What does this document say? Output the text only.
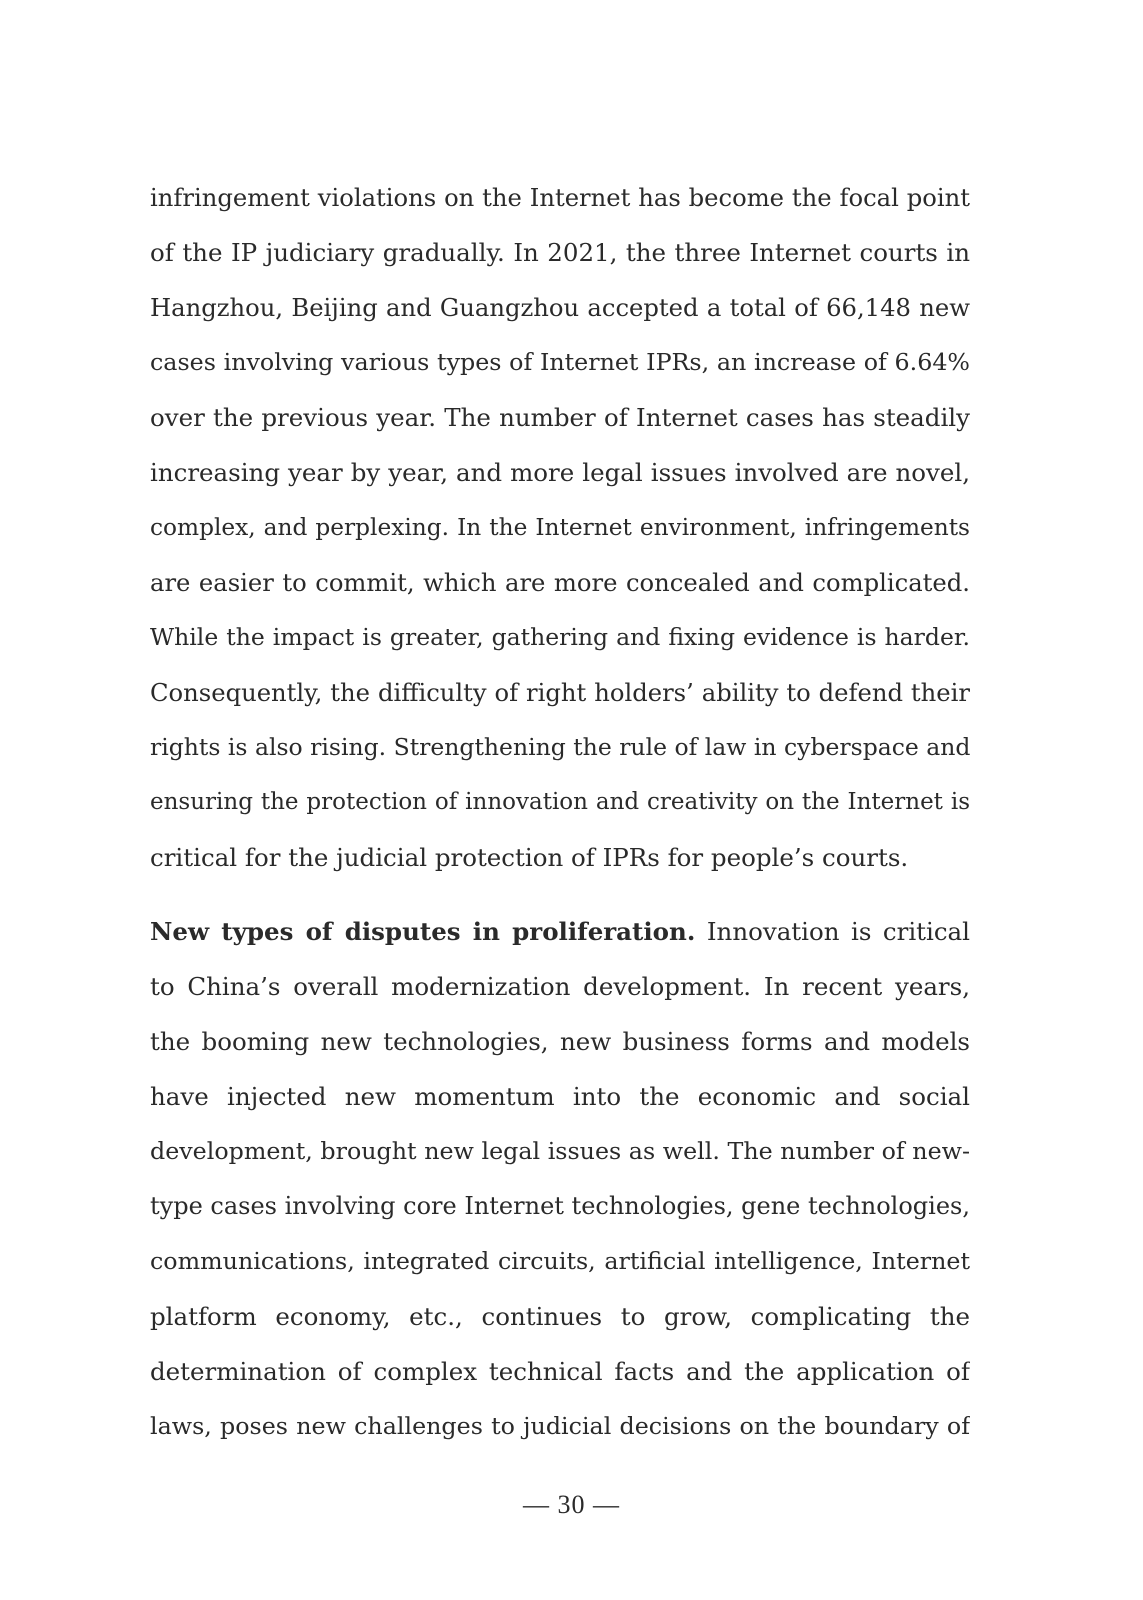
infringement violations on the Internet has become the focal point
of the IP judiciary gradually. In 2021, the three Internet courts in
Hangzhou, Beijing and Guangzhou accepted a total of 66,148 new
cases involving various types of Internet IPRs, an increase of 6.64%
over the previous year. The number of Internet cases has steadily
increasing year by year, and more legal issues involved are novel,
complex, and perplexing. In the Internet environment, infringements
are easier to commit, which are more concealed and complicated.
While the impact is greater, gathering and fixing evidence is harder.
Consequently, the difficulty of right holders’ ability to defend their
rights is also rising. Strengthening the rule of law in cyberspace and
ensuring the protection of innovation and creativity on the Internet is
critical for the judicial protection of IPRs for people’s courts.
New types of disputes in proliferation. Innovation is critical
to China’s overall modernization development. In recent years,
the booming new technologies, new business forms and models
have injected new momentum into the economic and social
development, brought new legal issues as well. The number of new-
type cases involving core Internet technologies, gene technologies,
communications, integrated circuits, artificial intelligence, Internet
platform economy, etc., continues to grow, complicating the
determination of complex technical facts and the application of
laws, poses new challenges to judicial decisions on the boundary of
— 30 —
